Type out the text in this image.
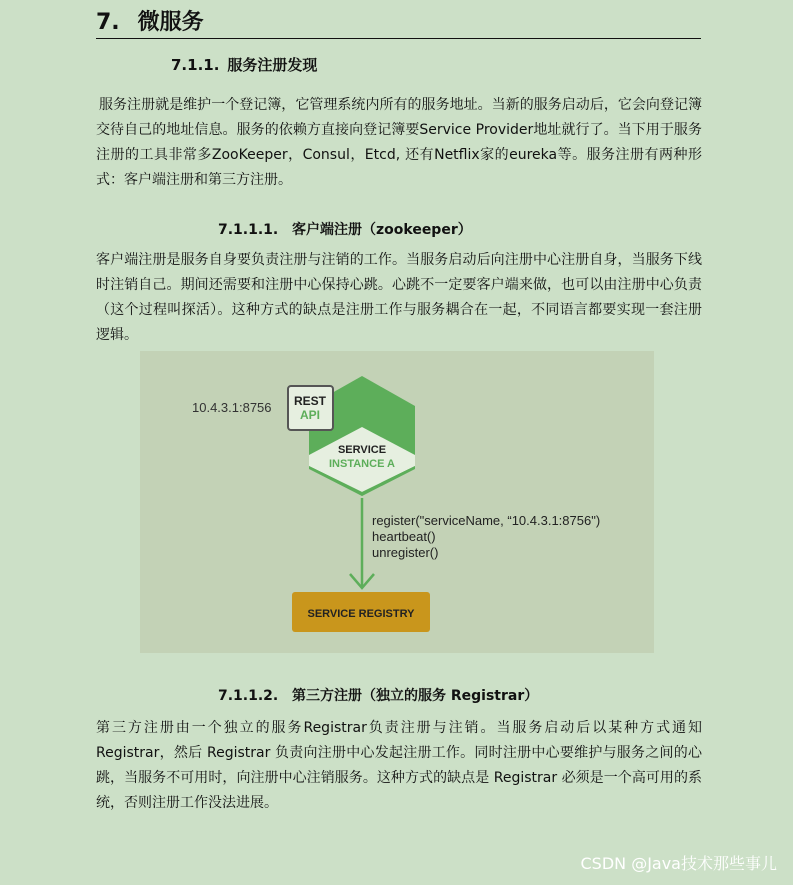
7. 微服务
7.1.1. 服务注册发现

服务注册就是维护一个登记簿，它管理系统内所有的服务地址。当新的服务启动后，它会向登记簿交待自己的地址信息。服务的依赖方直接向登记簿要Service Provider地址就行了。当下用于服务注册的工具非常多ZooKeeper，Consul，Etcd, 还有Netflix家的eureka等。服务注册有两种形式：客户端注册和第三方注册。

7.1.1.1. 客户端注册（zookeeper）

客户端注册是服务自身要负责注册与注销的工作。当服务启动后向注册中心注册自身，当服务下线时注销自己。期间还需要和注册中心保持心跳。心跳不一定要客户端来做，也可以由注册中心负责（这个过程叫探活）。这种方式的缺点是注册工作与服务耦合在一起，不同语言都要实现一套注册逻辑。

SERVICE
INSTANCE A
REST
API
10.4.3.1:8756
register("serviceName, “10.4.3.1:8756")
heartbeat()
unregister()
SERVICE REGISTRY
7.1.1.2. 第三方注册（独立的服务 Registrar）

第三方注册由一个独立的服务Registrar负责注册与注销。当服务启动后以某种方式通知Registrar，然后 Registrar 负责向注册中心发起注册工作。同时注册中心要维护与服务之间的心跳，当服务不可用时，向注册中心注销服务。这种方式的缺点是 Registrar 必须是一个高可用的系统，否则注册工作没法进展。

CSDN @Java技术那些事儿
